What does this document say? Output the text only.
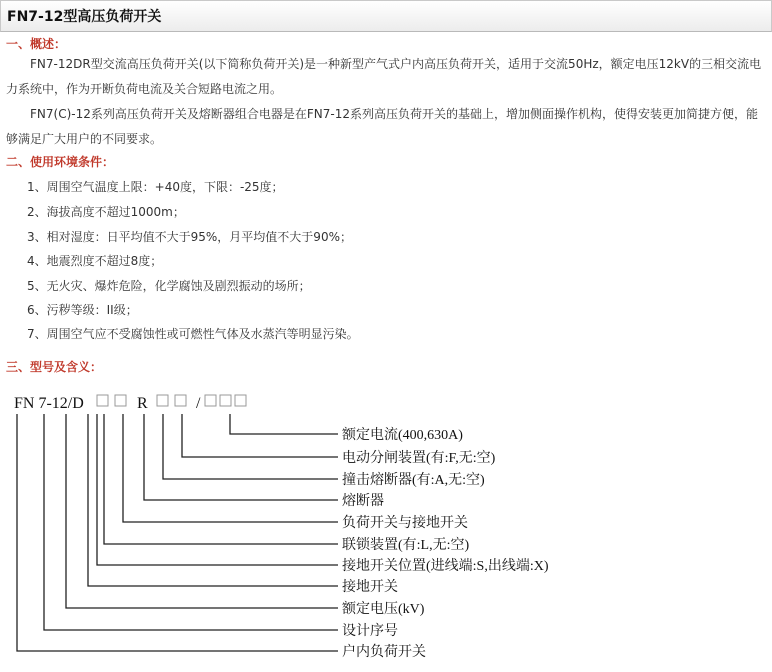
FN7-12型高压负荷开关
一、概述：
FN7-12DR型交流高压负荷开关(以下简称负荷开关)是一种新型产气式户内高压负荷开关，适用于交流50Hz，额定电压12kV的三相交流电力系统中，作为开断负荷电流及关合短路电流之用。
FN7(C)-12系列高压负荷开关及熔断器组合电器是在FN7-12系列高压负荷开关的基础上，增加侧面操作机构，使得安装更加简捷方便，能够满足广大用户的不同要求。
二、使用环境条件：
1、周围空气温度上限：+40度，下限：-25度；
2、海拔高度不超过1000m；
3、相对湿度：日平均值不大于95%，月平均值不大于90%；
4、地震烈度不超过8度；
5、无火灾、爆炸危险，化学腐蚀及剧烈振动的场所；
6、污秽等级：II级；
7、周围空气应不受腐蚀性或可燃性气体及水蒸汽等明显污染。
三、型号及含义：
FN 7-12/D	R	/
额定电流(400,630A)
电动分闸装置(有:F,无:空)
撞击熔断器(有:A,无:空)
熔断器
负荷开关与接地开关
联锁装置(有:L,无:空)
接地开关位置(进线端:S,出线端:X)
接地开关
额定电压(kV)
设计序号
户内负荷开关
